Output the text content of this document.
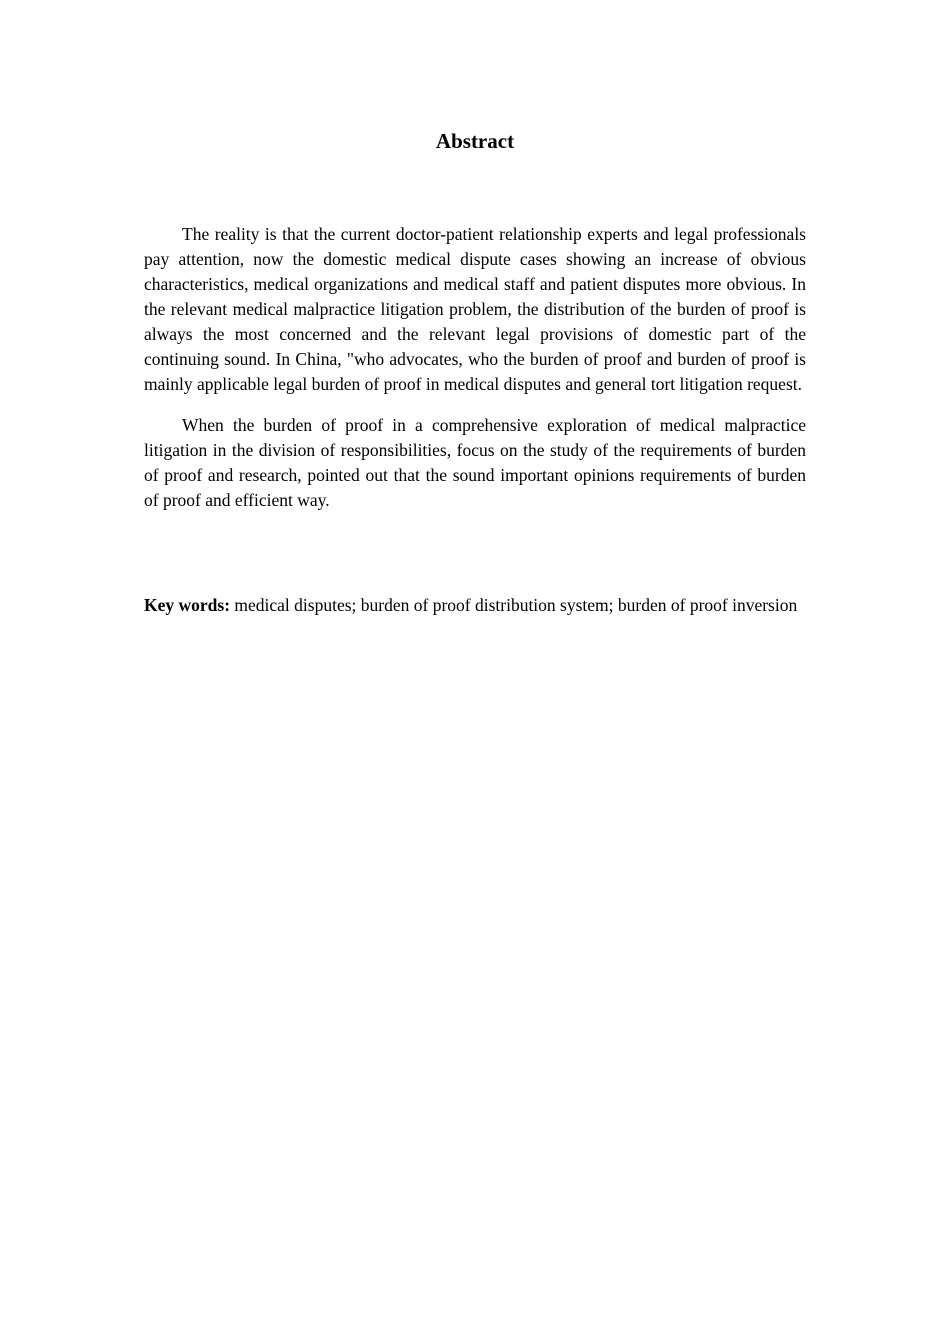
Abstract

The reality is that the current doctor-patient relationship experts and legal professionals pay attention, now the domestic medical dispute cases showing an increase of obvious characteristics, medical organizations and medical staff and patient disputes more obvious. In the relevant medical malpractice litigation problem, the distribution of the burden of proof is always the most concerned and the relevant legal provisions of domestic part of the continuing sound. In China, "who advocates, who the burden of proof and burden of proof is mainly applicable legal burden of proof in medical disputes and general tort litigation request.

When the burden of proof in a comprehensive exploration of medical malpractice litigation in the division of responsibilities, focus on the study of the requirements of burden of proof and research, pointed out that the sound important opinions requirements of burden of proof and efficient way.

Key words: medical disputes; burden of proof distribution system; burden of proof inversion
